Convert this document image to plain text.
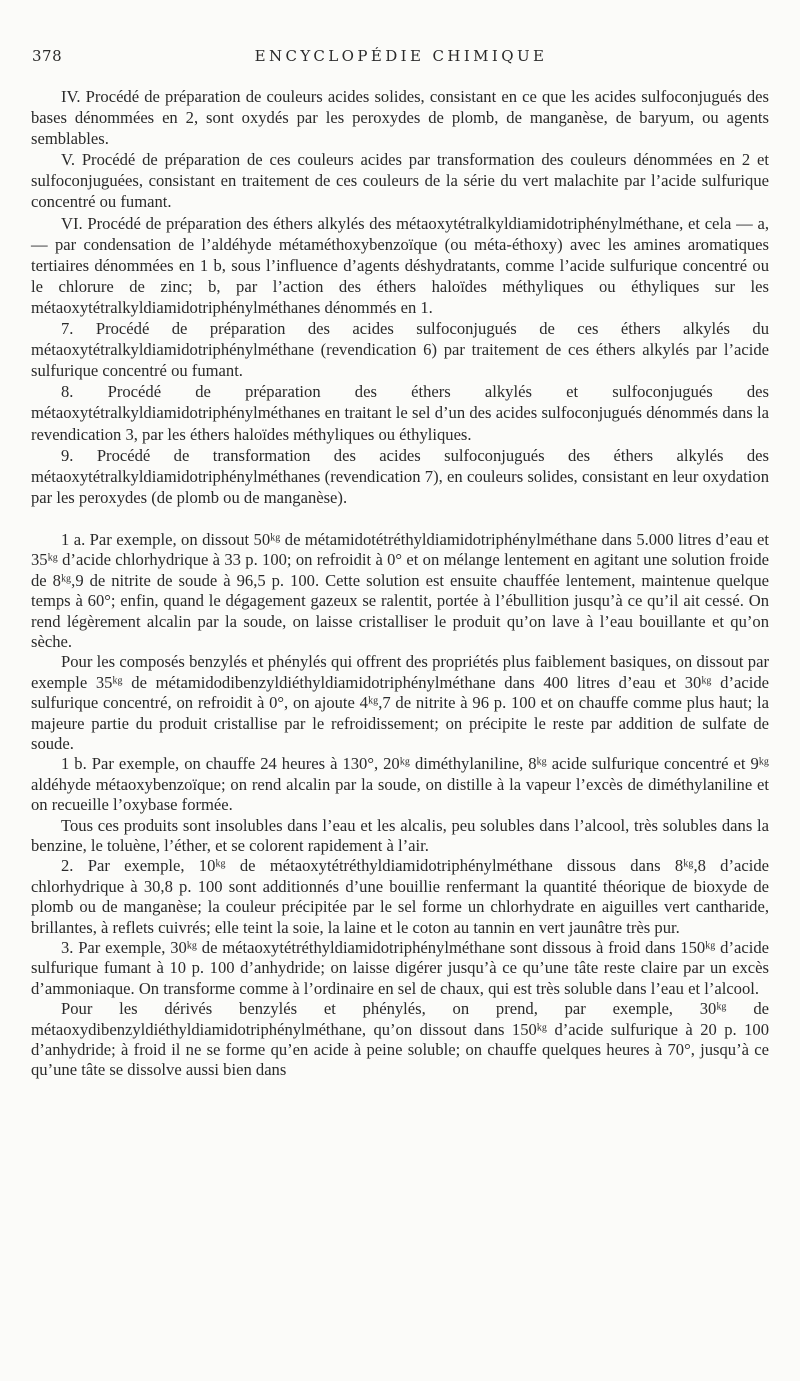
378	ENCYCLOPÉDIE CHIMIQUE

IV. Procédé de préparation de couleurs acides solides, consistant en ce que les acides sulfoconjugués des bases dénommées en 2, sont oxydés par les peroxydes de plomb, de manganèse, de baryum, ou agents semblables.

V. Procédé de préparation de ces couleurs acides par transformation des couleurs dénommées en 2 et sulfoconjuguées, consistant en traitement de ces couleurs de la série du vert malachite par l’acide sulfurique concentré ou fumant.

VI. Procédé de préparation des éthers alkylés des métaoxytétralkyldiamidotriphénylméthane, et cela — a, — par condensation de l’aldéhyde métaméthoxybenzoïque (ou méta-éthoxy) avec les amines aromatiques tertiaires dénommées en 1 b, sous l’influence d’agents déshydratants, comme l’acide sulfurique concentré ou le chlorure de zinc; b, par l’action des éthers haloïdes méthyliques ou éthyliques sur les métaoxytétralkyldiamidotriphénylméthanes dénommés en 1.

7. Procédé de préparation des acides sulfoconjugués de ces éthers alkylés du métaoxytétralkyldiamidotriphénylméthane (revendication 6) par traitement de ces éthers alkylés par l’acide sulfurique concentré ou fumant.

8. Procédé de préparation des éthers alkylés et sulfoconjugués des métaoxytétralkyldiamidotriphénylméthanes en traitant le sel d’un des acides sulfoconjugués dénommés dans la revendication 3, par les éthers haloïdes méthyliques ou éthyliques.

9. Procédé de transformation des acides sulfoconjugués des éthers alkylés des métaoxytétralkyldiamidotriphénylméthanes (revendication 7), en couleurs solides, consistant en leur oxydation par les peroxydes (de plomb ou de manganèse).

1 a. Par exemple, on dissout 50ᵏᵍ de métamidotétréthyldiamidotriphénylméthane dans 5.000 litres d’eau et 35ᵏᵍ d’acide chlorhydrique à 33 p. 100; on refroidit à 0° et on mélange lentement en agitant une solution froide de 8ᵏᵍ,9 de nitrite de soude à 96,5 p. 100. Cette solution est ensuite chauffée lentement, maintenue quelque temps à 60°; enfin, quand le dégagement gazeux se ralentit, portée à l’ébullition jusqu’à ce qu’il ait cessé. On rend légèrement alcalin par la soude, on laisse cristalliser le produit qu’on lave à l’eau bouillante et qu’on sèche.

Pour les composés benzylés et phénylés qui offrent des propriétés plus faiblement basiques, on dissout par exemple 35ᵏᵍ de métamidodibenzyldiéthyldiamidotriphénylméthane dans 400 litres d’eau et 30ᵏᵍ d’acide sulfurique concentré, on refroidit à 0°, on ajoute 4ᵏᵍ,7 de nitrite à 96 p. 100 et on chauffe comme plus haut; la majeure partie du produit cristallise par le refroidissement; on précipite le reste par addition de sulfate de soude.

1 b. Par exemple, on chauffe 24 heures à 130°, 20ᵏᵍ diméthylaniline, 8ᵏᵍ acide sulfurique concentré et 9ᵏᵍ aldéhyde métaoxybenzoïque; on rend alcalin par la soude, on distille à la vapeur l’excès de diméthylaniline et on recueille l’oxybase formée.

Tous ces produits sont insolubles dans l’eau et les alcalis, peu solubles dans l’alcool, très solubles dans la benzine, le toluène, l’éther, et se colorent rapidement à l’air.

2. Par exemple, 10ᵏᵍ de métaoxytétréthyldiamidotriphénylméthane dissous dans 8ᵏᵍ,8 d’acide chlorhydrique à 30,8 p. 100 sont additionnés d’une bouillie renfermant la quantité théorique de bioxyde de plomb ou de manganèse; la couleur précipitée par le sel forme un chlorhydrate en aiguilles vert cantharide, brillantes, à reflets cuivrés; elle teint la soie, la laine et le coton au tannin en vert jaunâtre très pur.

3. Par exemple, 30ᵏᵍ de métaoxytétréthyldiamidotriphénylméthane sont dissous à froid dans 150ᵏᵍ d’acide sulfurique fumant à 10 p. 100 d’anhydride; on laisse digérer jusqu’à ce qu’une tâte reste claire par un excès d’ammoniaque. On transforme comme à l’ordinaire en sel de chaux, qui est très soluble dans l’eau et l’alcool.

Pour les dérivés benzylés et phénylés, on prend, par exemple, 30ᵏᵍ de métaoxydibenzyldiéthyldiamidotriphénylméthane, qu’on dissout dans 150ᵏᵍ d’acide sulfurique à 20 p. 100 d’anhydride; à froid il ne se forme qu’en acide à peine soluble; on chauffe quelques heures à 70°, jusqu’à ce qu’une tâte se dissolve aussi bien dans
